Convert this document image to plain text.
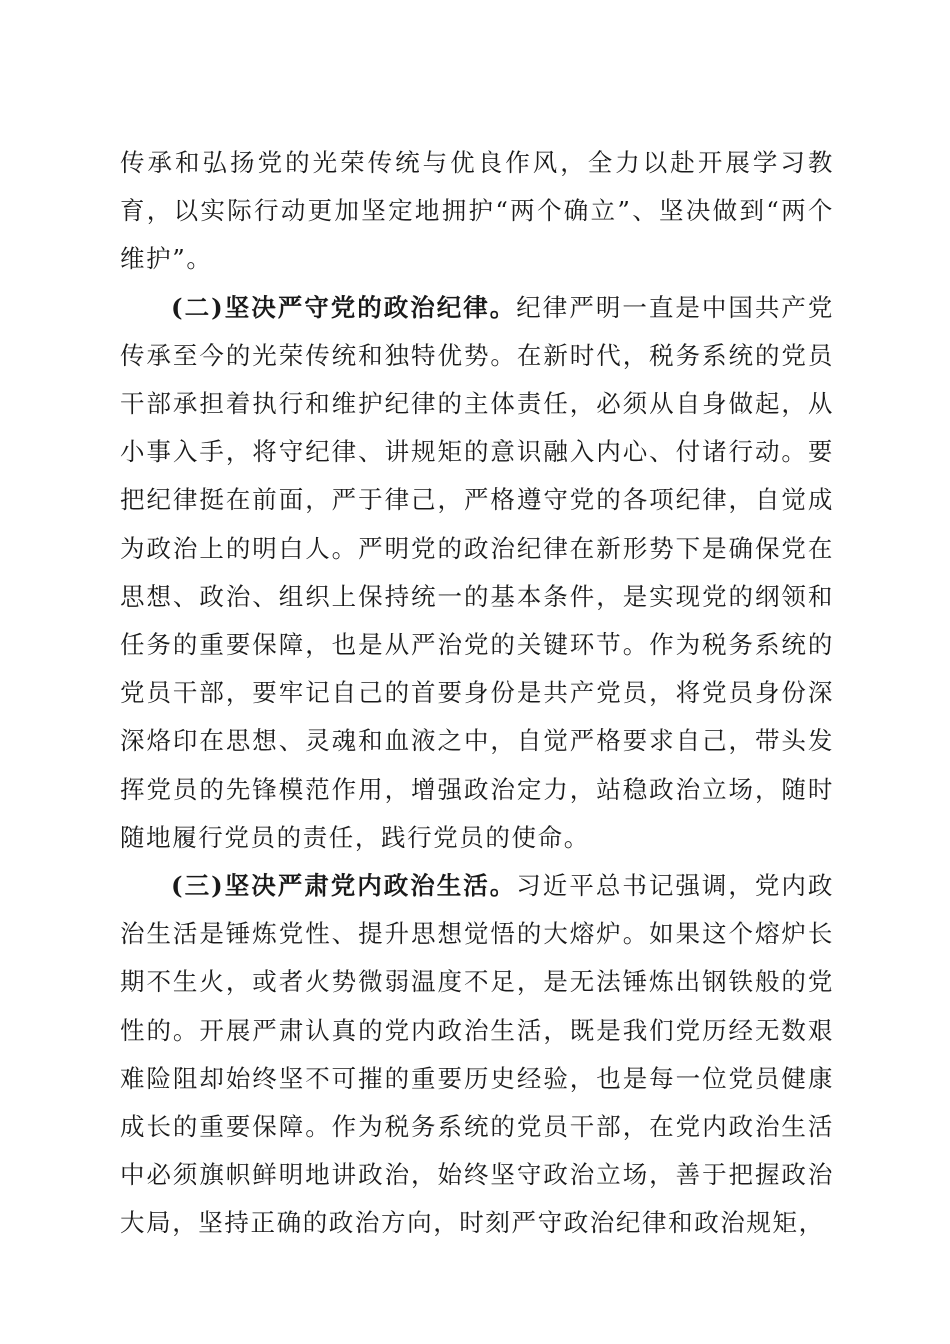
传承和弘扬党的光荣传统与优良作风，全力以赴开展学习教育，以实际行动更加坚定地拥护“两个确立”、坚决做到“两个维护”。

(二)坚决严守党的政治纪律。纪律严明一直是中国共产党传承至今的光荣传统和独特优势。在新时代，税务系统的党员干部承担着执行和维护纪律的主体责任，必须从自身做起，从小事入手，将守纪律、讲规矩的意识融入内心、付诸行动。要把纪律挺在前面，严于律己，严格遵守党的各项纪律，自觉成为政治上的明白人。严明党的政治纪律在新形势下是确保党在思想、政治、组织上保持统一的基本条件，是实现党的纲领和任务的重要保障，也是从严治党的关键环节。作为税务系统的党员干部，要牢记自己的首要身份是共产党员，将党员身份深深烙印在思想、灵魂和血液之中，自觉严格要求自己，带头发挥党员的先锋模范作用，增强政治定力，站稳政治立场，随时随地履行党员的责任，践行党员的使命。

(三)坚决严肃党内政治生活。习近平总书记强调，党内政治生活是锤炼党性、提升思想觉悟的大熔炉。如果这个熔炉长期不生火，或者火势微弱温度不足，是无法锤炼出钢铁般的党性的。开展严肃认真的党内政治生活，既是我们党历经无数艰难险阻却始终坚不可摧的重要历史经验，也是每一位党员健康成长的重要保障。作为税务系统的党员干部，在党内政治生活中必须旗帜鲜明地讲政治，始终坚守政治立场，善于把握政治大局，坚持正确的政治方向，时刻严守政治纪律和政治规矩，
